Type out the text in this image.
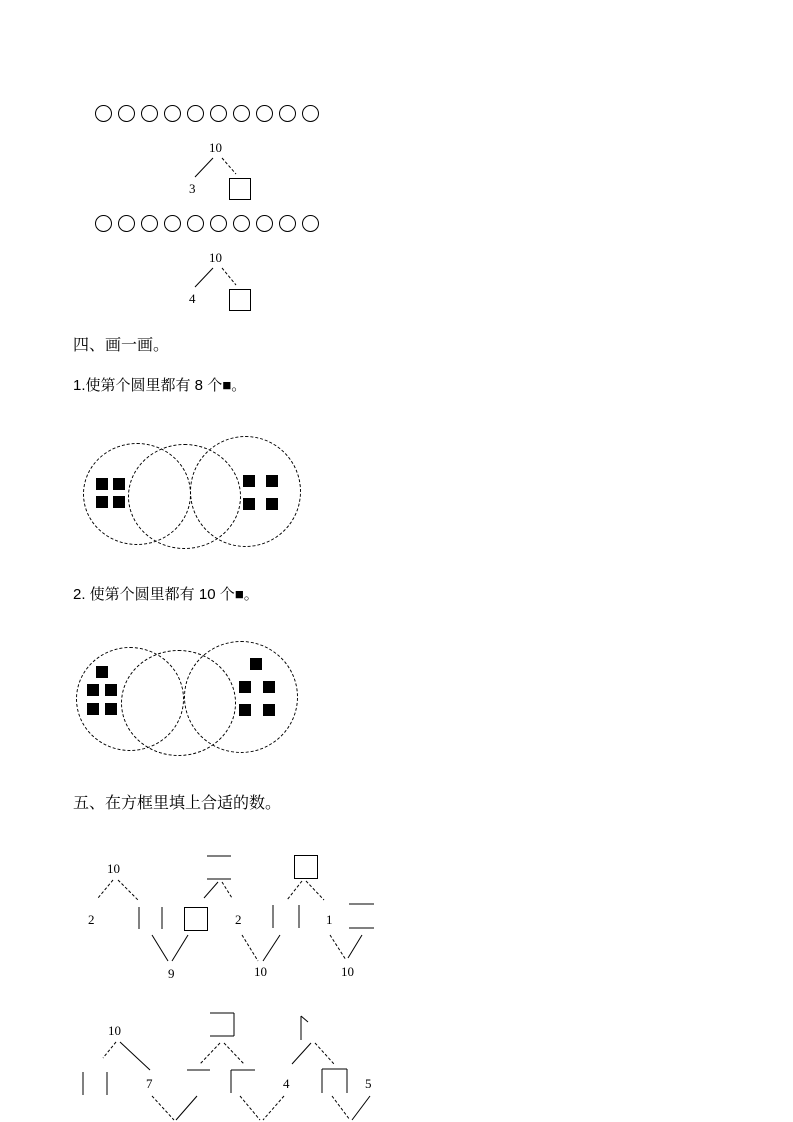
10
3
10
4
四、画一画。
1.使第个圆里都有 8 个■。
2. 使第个圆里都有 10 个■。
五、在方框里填上合适的数。
10
2
9
2
10
1
10
10
7	4	5
